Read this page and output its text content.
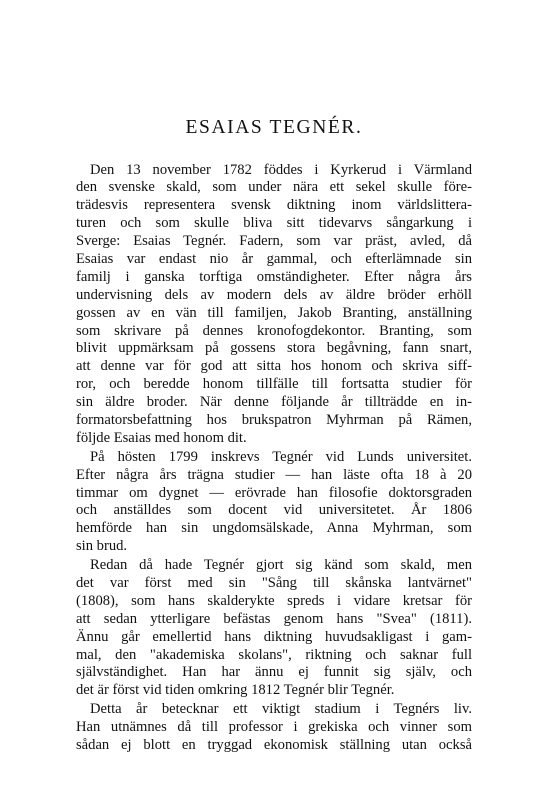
ESAIAS TEGNÉR.
Den 13 november 1782 föddes i Kyrkerud i Värmland
den svenske skald, som under nära ett sekel skulle före-
trädesvis representera svensk diktning inom världslittera-
turen och som skulle bliva sitt tidevarvs sångarkung i
Sverge: Esaias Tegnér. Fadern, som var präst, avled, då
Esaias var endast nio år gammal, och efterlämnade sin
familj i ganska torftiga omständigheter. Efter några års
undervisning dels av modern dels av äldre bröder erhöll
gossen av en vän till familjen, Jakob Branting, anställning
som skrivare på dennes kronofogdekontor. Branting, som
blivit uppmärksam på gossens stora begåvning, fann snart,
att denne var för god att sitta hos honom och skriva siff-
ror, och beredde honom tillfälle till fortsatta studier för
sin äldre broder. När denne följande år tillträdde en in-
formatorsbefattning hos brukspatron Myhrman på Rämen,
följde Esaias med honom dit.
På hösten 1799 inskrevs Tegnér vid Lunds universitet.
Efter några års trägna studier — han läste ofta 18 à 20
timmar om dygnet — erövrade han filosofie doktorsgraden
och anställdes som docent vid universitetet. År 1806
hemförde han sin ungdomsälskade, Anna Myhrman, som
sin brud.
Redan då hade Tegnér gjort sig känd som skald, men
det var först med sin "Sång till skånska lantvärnet"
(1808), som hans skalderykte spreds i vidare kretsar för
att sedan ytterligare befästas genom hans "Svea" (1811).
Ännu går emellertid hans diktning huvudsakligast i gam-
mal, den "akademiska skolans", riktning och saknar full
självständighet. Han har ännu ej funnit sig själv, och
det är först vid tiden omkring 1812 Tegnér blir Tegnér.
Detta år betecknar ett viktigt stadium i Tegnérs liv.
Han utnämnes då till professor i grekiska och vinner som
sådan ej blott en tryggad ekonomisk ställning utan också
